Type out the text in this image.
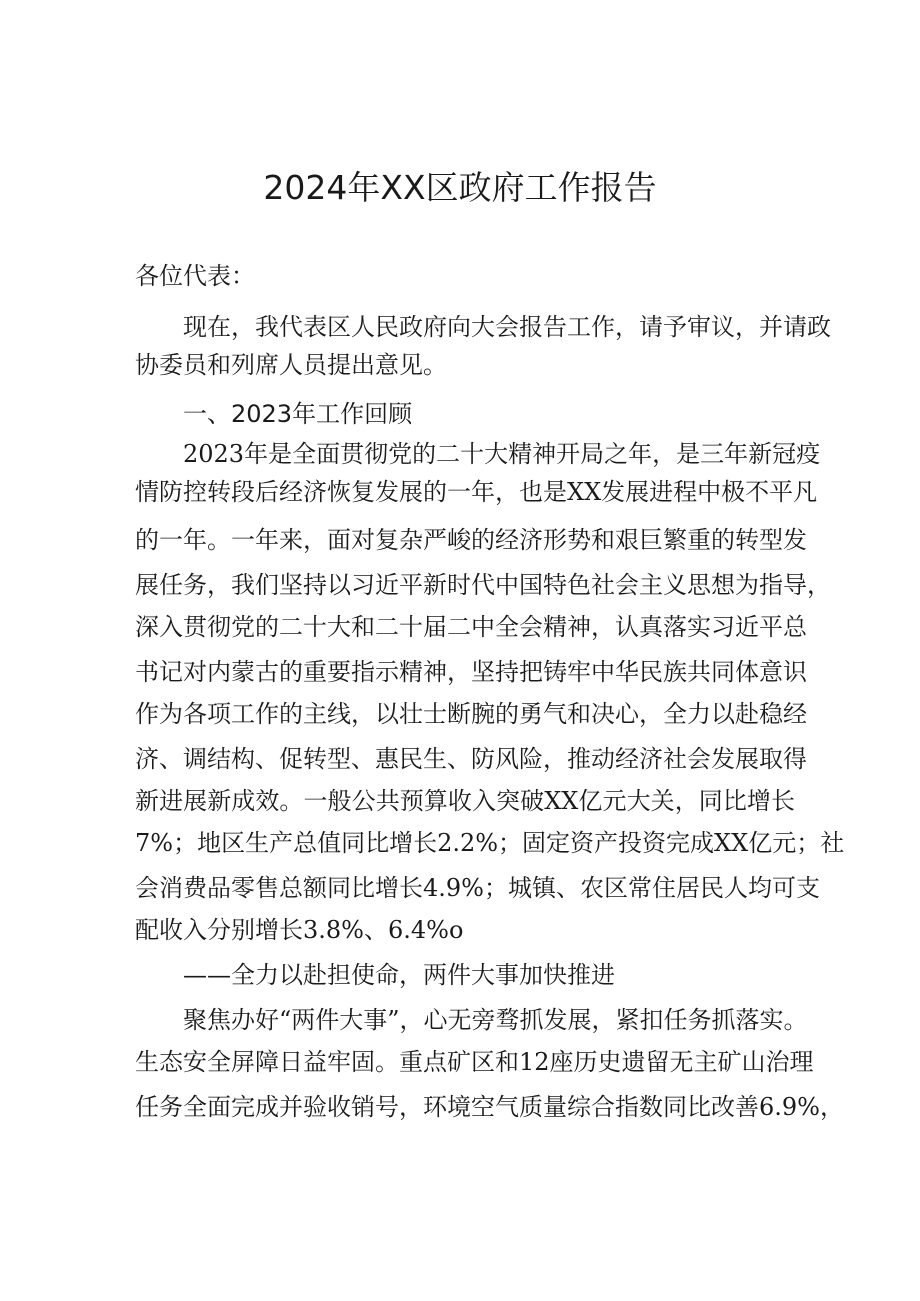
2024年XX区政府工作报告
各位代表：
现在，我代表区人民政府向大会报告工作，请予审议，并请政
协委员和列席人员提出意见。
一、2023年工作回顾
2023年是全面贯彻党的二十大精神开局之年，是三年新冠疫
情防控转段后经济恢复发展的一年，也是XX发展进程中极不平凡
的一年。一年来，面对复杂严峻的经济形势和艰巨繁重的转型发
展任务，我们坚持以习近平新时代中国特色社会主义思想为指导，
深入贯彻党的二十大和二十届二中全会精神，认真落实习近平总
书记对内蒙古的重要指示精神，坚持把铸牢中华民族共同体意识
作为各项工作的主线，以壮士断腕的勇气和决心，全力以赴稳经
济、调结构、促转型、惠民生、防风险，推动经济社会发展取得
新进展新成效。一般公共预算收入突破XX亿元大关，同比增长
7%；地区生产总值同比增长2.2%；固定资产投资完成XX亿元；社
会消费品零售总额同比增长4.9%；城镇、农区常住居民人均可支
配收入分别增长3.8%、6.4%o
——全力以赴担使命，两件大事加快推进
聚焦办好“两件大事”，心无旁骛抓发展，紧扣任务抓落实。
生态安全屏障日益牢固。重点矿区和12座历史遗留无主矿山治理
任务全面完成并验收销号，环境空气质量综合指数同比改善6.9%，
